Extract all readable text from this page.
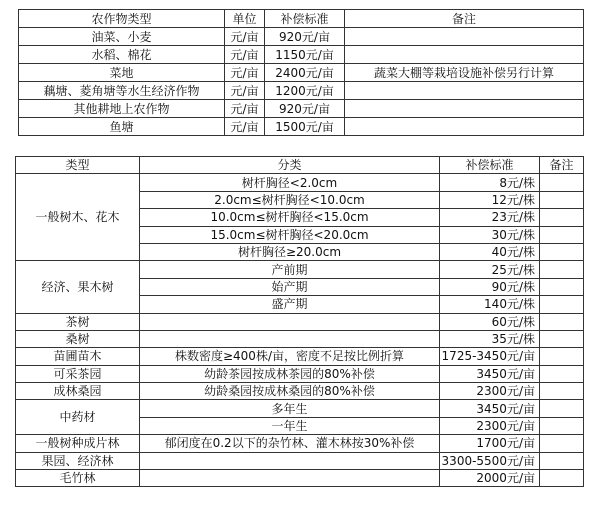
农作物类型	单位	补偿标准	备注
油菜、小麦	元/亩	920元/亩	
水稻、棉花	元/亩	1150元/亩	
菜地	元/亩	2400元/亩	蔬菜大棚等栽培设施补偿另行计算
藕塘、菱角塘等水生经济作物	元/亩	1200元/亩	
其他耕地上农作物	元/亩	920元/亩	
鱼塘	元/亩	1500元/亩	
类型	分类	补偿标准	备注
一般树木、花木	树杆胸径<2.0cm	8元/株	
	2.0cm≤树杆胸径<10.0cm	12元/株	
	10.0cm≤树杆胸径<15.0cm	23元/株	
	15.0cm≤树杆胸径<20.0cm	30元/株	
	树杆胸径≥20.0cm	40元/株	
经济、果木树	产前期	25元/株	
	始产期	90元/株	
	盛产期	140元/株	
茶树		60元/株	
桑树		35元/株	
苗圃苗木	株数密度≥400株/亩，密度不足按比例折算	1725-3450元/亩	
可采茶园	幼龄茶园按成林茶园的80%补偿	3450元/亩	
成林桑园	幼龄桑园按成林桑园的80%补偿	2300元/亩	
中药材	多年生	3450元/亩	
	一年生	2300元/亩	
一般树种成片林	郁闭度在0.2以下的杂竹林、灌木林按30%补偿	1700元/亩	
果园、经济林		3300-5500元/亩	
毛竹林		2000元/亩	
